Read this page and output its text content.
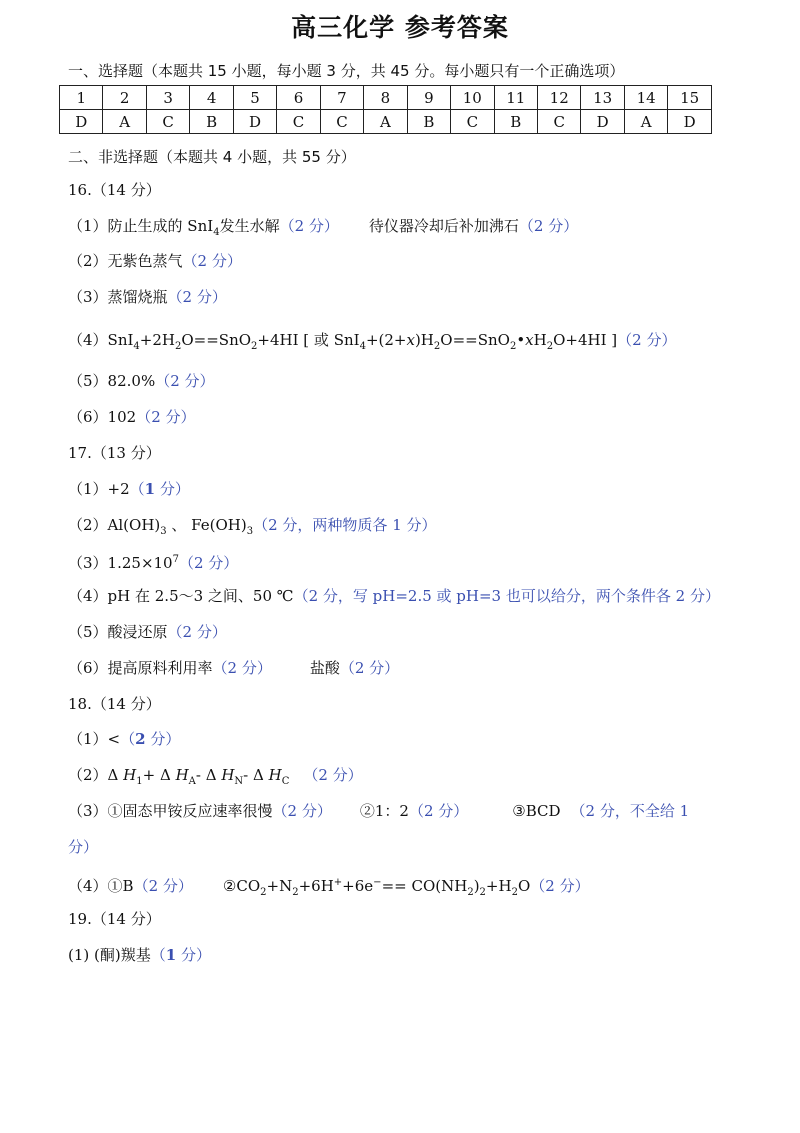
高三化学 参考答案
一、选择题（本题共 15 小题，每小题 3 分，共 45 分。每小题只有一个正确选项）
1	2	3	4	5	6	7	8	9	10	11	12	13	14	15
D	A	C	B	D	C	C	A	B	C	B	C	D	A	D
二、非选择题（本题共 4 小题，共 55 分）
16.（14 分）
（1）防止生成的 SnI$_4$发生水解（2 分） 待仪器冷却后补加沸石（2 分）
（2）无紫色蒸气（2 分）
（3）蒸馏烧瓶（2 分）
$(4)SnI_4+2H_2O==SnO_2+4HI$ [ 或 $SnI_4+(2+x)H_2O==SnO_2•xH_2O+4HI$ ]（2 分）
（5）82.0%（2 分）
（6）102（2 分）
17.（13 分）
（1）+2（1 分）
$(2)Al(OH)_3$ 、 $Fe(OH)_3(2$ 分，两种物质各 1 分）
$(3)1.25\times 10^7(2$ 分）
（4）pH 在 2.5～3 之间、50 ℃（2 分，写 pH=2.5 或 pH=3 也可以给分，两个条件各 2 分）
（5）酸浸还原（2 分）
（6）提高原料利用率（2 分）	盐酸（2 分）
18.（14 分）
（1）<（2 分）
（2）Δ $H_1+ \Delta$ $H_A-$ Δ $H_N-$ Δ $H_C$ （2 分）
（3）①固态甲铵反应速率很慢（2 分） ②1：2（2 分）	③BCD （2 分，不全给 1
分）
（4）①B（2 分） $②CO_2+N_2+6H^++6e^-== CO(NH_2)_2+H_2O(2$ 分）
19.（14 分）
(1) (酮)羰基（1 分）
